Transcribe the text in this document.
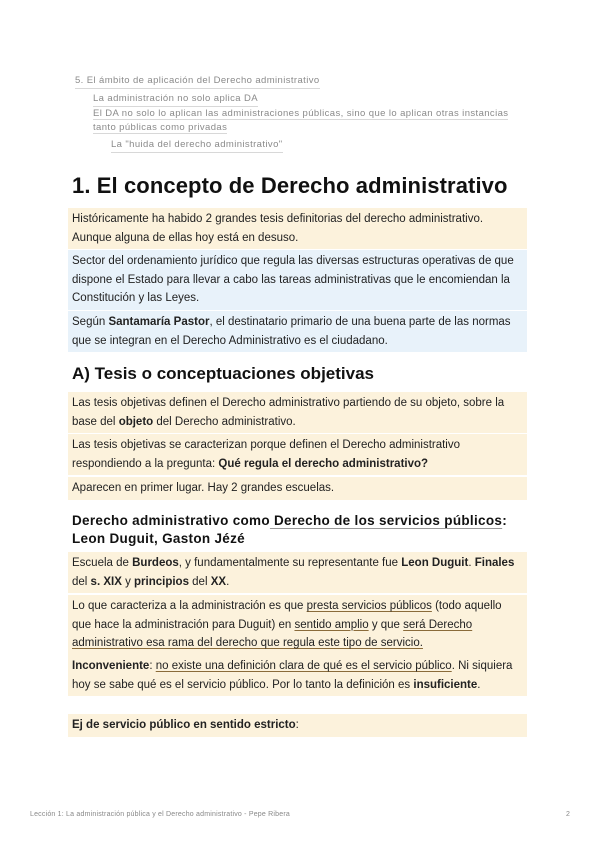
5. El ámbito de aplicación del Derecho administrativo
La administración no solo aplica DA
El DA no solo lo aplican las administraciones públicas, sino que lo aplican otras instancias
tanto públicas como privadas
La "huida del derecho administrativo"
1. El concepto de Derecho administrativo
Históricamente ha habido 2 grandes tesis definitorias del derecho administrativo. Aunque alguna de ellas hoy está en desuso.
Sector del ordenamiento jurídico que regula las diversas estructuras operativas de que dispone el Estado para llevar a cabo las tareas administrativas que le encomiendan la Constitución y las Leyes.
Según Santamaría Pastor, el destinatario primario de una buena parte de las normas que se integran en el Derecho Administrativo es el ciudadano.
A) Tesis o conceptuaciones objetivas
Las tesis objetivas definen el Derecho administrativo partiendo de su objeto, sobre la base del objeto del Derecho administrativo.
Las tesis objetivas se caracterizan porque definen el Derecho administrativo respondiendo a la pregunta: Qué regula el derecho administrativo?
Aparecen en primer lugar. Hay 2 grandes escuelas.
Derecho administrativo como Derecho de los servicios públicos: Leon Duguit, Gaston Jézé
Escuela de Burdeos, y fundamentalmente su representante fue Leon Duguit. Finales del s. XIX y principios del XX.
Lo que caracteriza a la administración es que presta servicios públicos (todo aquello que hace la administración para Duguit) en sentido amplio y que será Derecho administrativo esa rama del derecho que regula este tipo de servicio.
Inconveniente: no existe una definición clara de qué es el servicio público. Ni siquiera hoy se sabe qué es el servicio público. Por lo tanto la definición es insuficiente.
Ej de servicio público en sentido estricto:
Lección 1: La administración pública y el Derecho administrativo - Pepe Ribera	2
